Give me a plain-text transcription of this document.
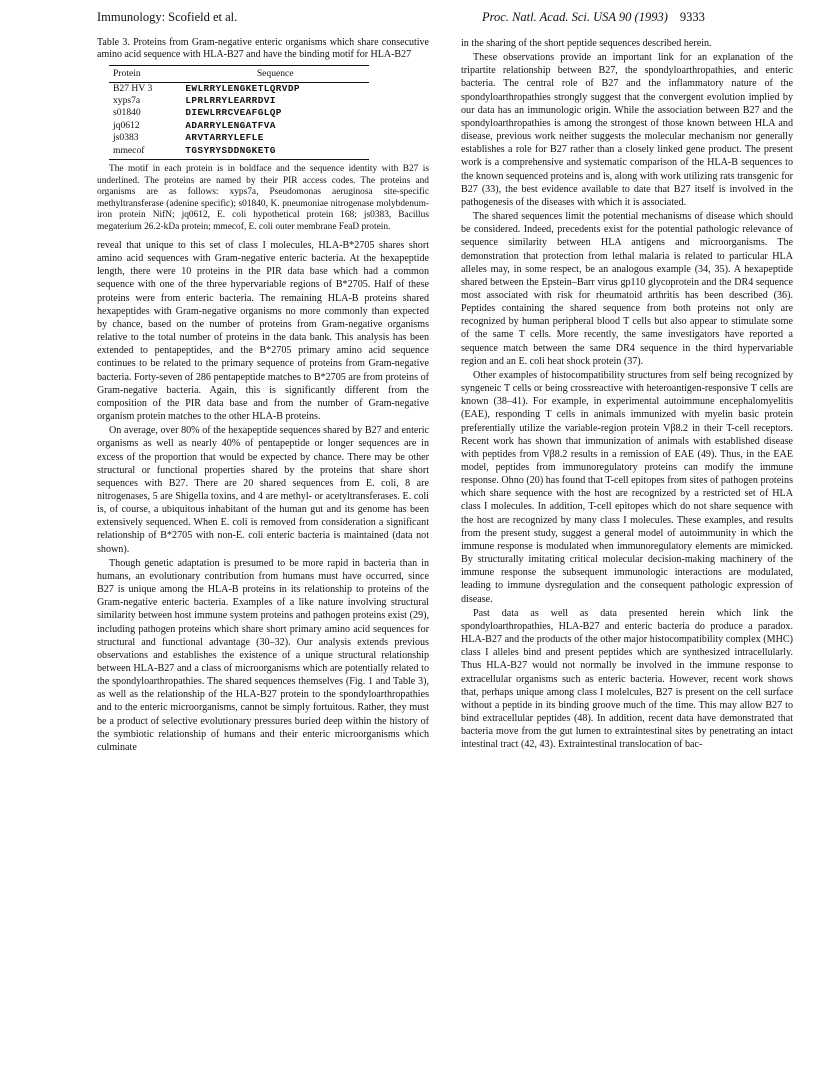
Immunology: Scofield et al.	Proc. Natl. Acad. Sci. USA 90 (1993) 9333
Table 3. Proteins from Gram-negative enteric organisms which share consecutive amino acid sequence with HLA-B27 and have the binding motif for HLA-B27
Protein	Sequence
B27 HV 3	EWLRRYLENGKETLQRVDP
xyps7a	LPRLRRYLEARRDVI
s01840	DIEWLRRCVEAFGLQP
jq0612	ADARRYLENGATFVA
js0383	ARVTARRYLEFLE
mmecof	TGSYRYSDDNGKETG
The motif in each protein is in boldface and the sequence identity with B27 is underlined. The proteins are named by their PIR access codes. The proteins and organisms are as follows: xyps7a, Pseudomonas aeruginosa site-specific methyltransferase (adenine specific); s01840, K. pneumoniae nitrogenase molybdenum-iron protein NifN; jq0612, E. coli hypothetical protein 168; js0383, Bacillus megaterium 26.2-kDa protein; mmecof, E. coli outer membrane FeaD protein.

reveal that unique to this set of class I molecules, HLA-B*2705 shares short amino acid sequences with Gram-negative enteric bacteria. At the hexapeptide length, there were 10 proteins in the PIR data base which had a common sequence with one of the three hypervariable regions of B*2705. Half of these proteins were from enteric bacteria. The remaining HLA-B proteins shared hexapeptides with Gram-negative organisms no more commonly than expected by chance, based on the number of proteins from Gram-negative organisms relative to the total number of proteins in the data bank. This analysis has been extended to pentapeptides, and the B*2705 primary amino acid sequence continues to be related to the primary sequence of proteins from Gram-negative bacteria. Forty-seven of 286 pentapeptide matches to B*2705 are from proteins of Gram-negative bacteria. Again, this is significantly different from the composition of the PIR data base and from the number of Gram-negative organism protein matches to the other HLA-B proteins.

On average, over 80% of the hexapeptide sequences shared by B27 and enteric organisms as well as nearly 40% of pentapeptide or longer sequences are in excess of the proportion that would be expected by chance. There may be other structural or functional properties shared by the proteins that share short sequences with B27. There are 20 shared sequences from E. coli, 8 are nitrogenases, 5 are Shigella toxins, and 4 are methyl- or acetyltransferases. E. coli is, of course, a ubiquitous inhabitant of the human gut and its genome has been extensively sequenced. When E. coli is removed from consideration a significant relationship of B*2705 with non-E. coli enteric bacteria is maintained (data not shown).

Though genetic adaptation is presumed to be more rapid in bacteria than in humans, an evolutionary contribution from humans must have occurred, since B27 is unique among the HLA-B proteins in its relationship to proteins of the Gram-negative enteric bacteria. Examples of a like nature involving structural similarity between host immune system proteins and pathogen proteins exist (29), including pathogen proteins which share short primary amino acid sequences for structural and functional advantage (30–32). Our analysis extends previous observations and establishes the existence of a unique structural relationship between HLA-B27 and a class of microorganisms which are potentially related to the spondyloarthropathies. The shared sequences themselves (Fig. 1 and Table 3), as well as the relationship of the HLA-B27 protein to the spondyloarthropathies and to the enteric microorganisms, cannot be simply fortuitous. Rather, they must be a product of selective evolutionary pressures buried deep within the history of the symbiotic relationship of humans and their enteric microorganisms which culminate

in the sharing of the short peptide sequences described herein.

These observations provide an important link for an explanation of the tripartite relationship between B27, the spondyloarthropathies, and enteric bacteria. The central role of B27 and the inflammatory nature of the spondyloarthropathies strongly suggest that the convergent evolution implied by our data has an immunologic origin. While the association between B27 and the spondyloarthropathies is among the strongest of those known between HLA and disease, previous work neither suggests the molecular mechanism nor generally establishes a role for B27 rather than a closely linked gene product. The present work is a comprehensive and systematic comparison of the HLA-B sequences to the known sequenced proteins and is, along with work utilizing rats transgenic for B27 (33), the best evidence available to date that B27 itself is involved in the pathogenesis of the diseases with which it is associated.

The shared sequences limit the potential mechanisms of disease which should be considered. Indeed, precedents exist for the potential pathologic relevance of sequence similarity between HLA antigens and microorganisms. The demonstration that protection from lethal malaria is related to particular HLA alleles may, in some respect, be an analogous example (34, 35). A hexapeptide shared between the Epstein–Barr virus gp110 glycoprotein and the DR4 sequence most associated with risk for rheumatoid arthritis has been described (36). Peptides containing the shared sequence from both proteins not only are recognized by human peripheral blood T cells but also appear to stimulate some of the same T cells. More recently, the same investigators have reported a sequence match between the same DR4 sequence in the third hypervariable region and an E. coli heat shock protein (37).

Other examples of histocompatibility structures from self being recognized by syngeneic T cells or being crossreactive with heteroantigen-responsive T cells are known (38–41). For example, in experimental autoimmune encephalomyelitis (EAE), responding T cells in animals immunized with myelin basic protein preferentially utilize the variable-region protein Vβ8.2 in their T-cell receptors. Recent work has shown that immunization of animals with established disease with peptides from Vβ8.2 results in a remission of EAE (49). Thus, in the EAE model, peptides from immunoregulatory proteins can modify the immune response. Ohno (20) has found that T-cell epitopes from sites of pathogen proteins which share sequence with the host are recognized by a restricted set of HLA class I molecules. In addition, T-cell epitopes which do not share sequence with the host are recognized by many class I molecules. These examples, and results from the present study, suggest a general model of autoimmunity in which the immune response is modulated when immunoregulatory elements are mimicked. By structurally imitating critical molecular decision-making machinery of the immune response the subsequent immunologic interactions are modulated, leading to immune dysregulation and the consequent pathologic expression of disease.

Past data as well as data presented herein which link the spondyloarthropathies, HLA-B27 and enteric bacteria do produce a paradox. HLA-B27 and the products of the other major histocompatibility complex (MHC) class I alleles bind and present peptides which are synthesized intracellularly. Thus HLA-B27 would not normally be involved in the immune response to extracellular organisms such as enteric bacteria. However, recent work shows that, perhaps unique among class I molelcules, B27 is present on the cell surface without a peptide in its binding groove much of the time. This may allow B27 to bind extracellular peptides (48). In addition, recent data have demonstrated that bacteria move from the gut lumen to extraintestinal sites by penetrating an intact intestinal tract (42, 43). Extraintestinal translocation of bac-
